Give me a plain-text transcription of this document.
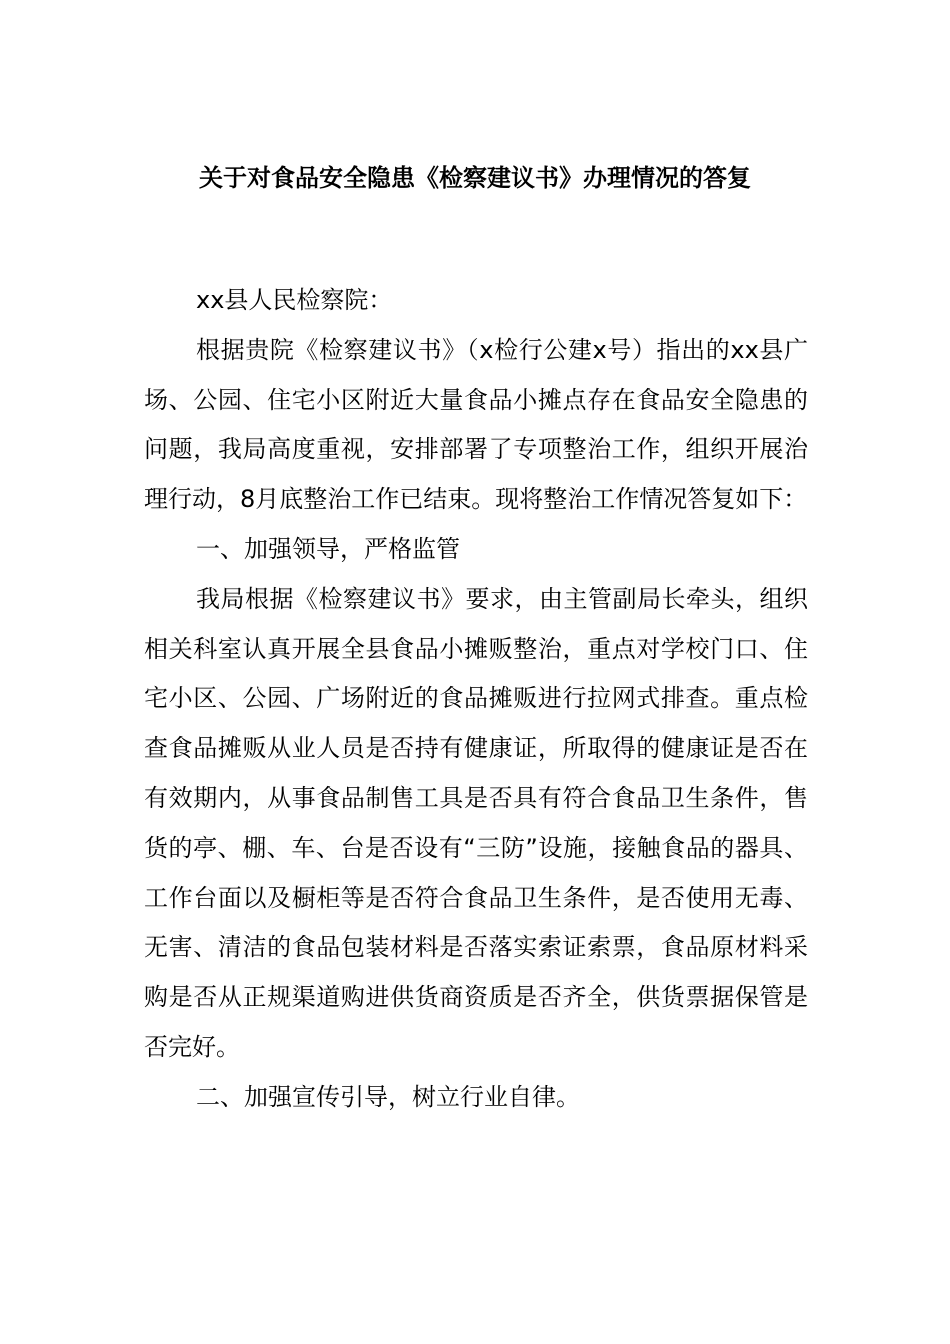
关于对食品安全隐患《检察建议书》办理情况的答复

xx县人民检察院：

根据贵院《检察建议书》（x检行公建x号）指出的xx县广场、公园、住宅小区附近大量食品小摊点存在食品安全隐患的问题，我局高度重视，安排部署了专项整治工作，组织开展治理行动，8月底整治工作已结束。现将整治工作情况答复如下：

一、加强领导，严格监管

我局根据《检察建议书》要求，由主管副局长牵头，组织相关科室认真开展全县食品小摊贩整治，重点对学校门口、住宅小区、公园、广场附近的食品摊贩进行拉网式排查。重点检查食品摊贩从业人员是否持有健康证，所取得的健康证是否在有效期内，从事食品制售工具是否具有符合食品卫生条件，售货的亭、棚、车、台是否设有“三防”设施，接触食品的器具、工作台面以及橱柜等是否符合食品卫生条件，是否使用无毒、无害、清洁的食品包装材料是否落实索证索票，食品原材料采购是否从正规渠道购进供货商资质是否齐全，供货票据保管是否完好。

二、加强宣传引导，树立行业自律。
